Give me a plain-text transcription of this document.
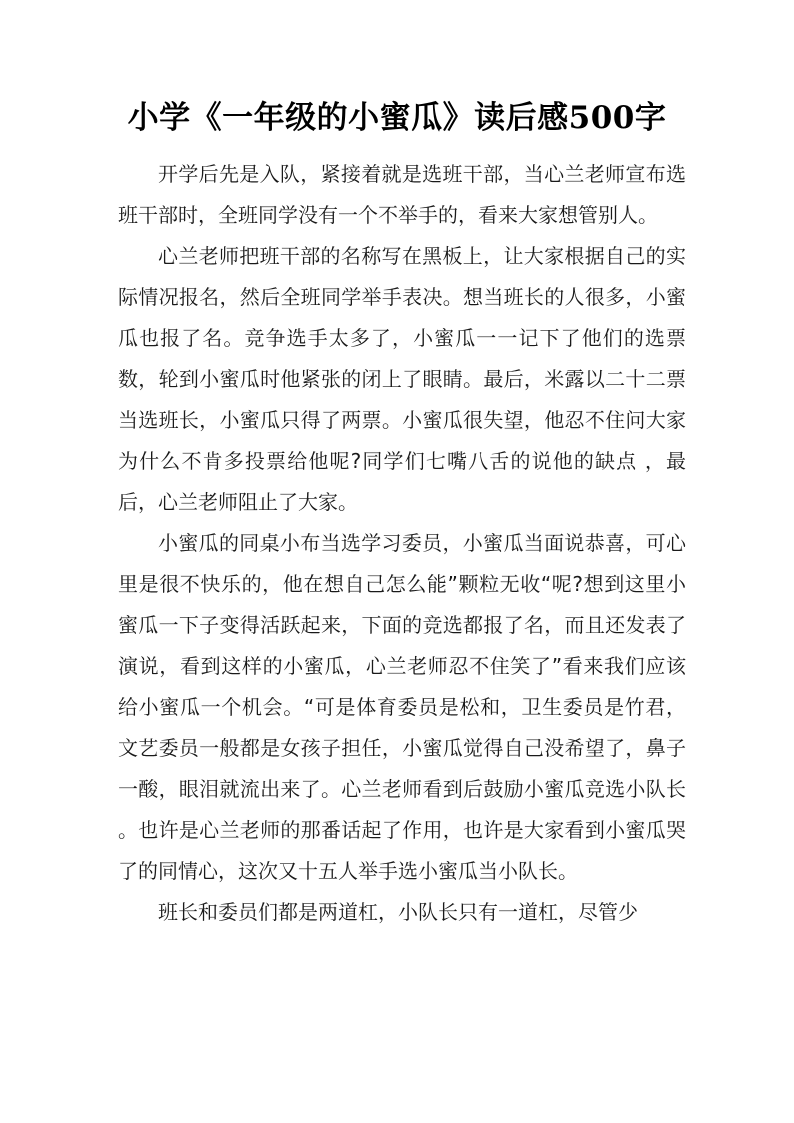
小学《一年级的小蜜瓜》读后感500字

开学后先是入队，紧接着就是选班干部，当心兰老师宣布选班干部时，全班同学没有一个不举手的，看来大家想管别人。

心兰老师把班干部的名称写在黑板上，让大家根据自己的实际情况报名，然后全班同学举手表决。想当班长的人很多，小蜜瓜也报了名。竞争选手太多了，小蜜瓜一一记下了他们的选票数，轮到小蜜瓜时他紧张的闭上了眼睛。最后，米露以二十二票当选班长，小蜜瓜只得了两票。小蜜瓜很失望，他忍不住问大家为什么不肯多投票给他呢?同学们七嘴八舌的说他的缺点 ，最后，心兰老师阻止了大家。

小蜜瓜的同桌小布当选学习委员，小蜜瓜当面说恭喜，可心里是很不快乐的，他在想自己怎么能”颗粒无收“呢?想到这里小蜜瓜一下子变得活跃起来，下面的竞选都报了名，而且还发表了演说，看到这样的小蜜瓜，心兰老师忍不住笑了”看来我们应该给小蜜瓜一个机会。“可是体育委员是松和，卫生委员是竹君，文艺委员一般都是女孩子担任，小蜜瓜觉得自己没希望了，鼻子一酸，眼泪就流出来了。心兰老师看到后鼓励小蜜瓜竞选小队长 。也许是心兰老师的那番话起了作用，也许是大家看到小蜜瓜哭了的同情心，这次又十五人举手选小蜜瓜当小队长。

班长和委员们都是两道杠，小队长只有一道杠，尽管少
